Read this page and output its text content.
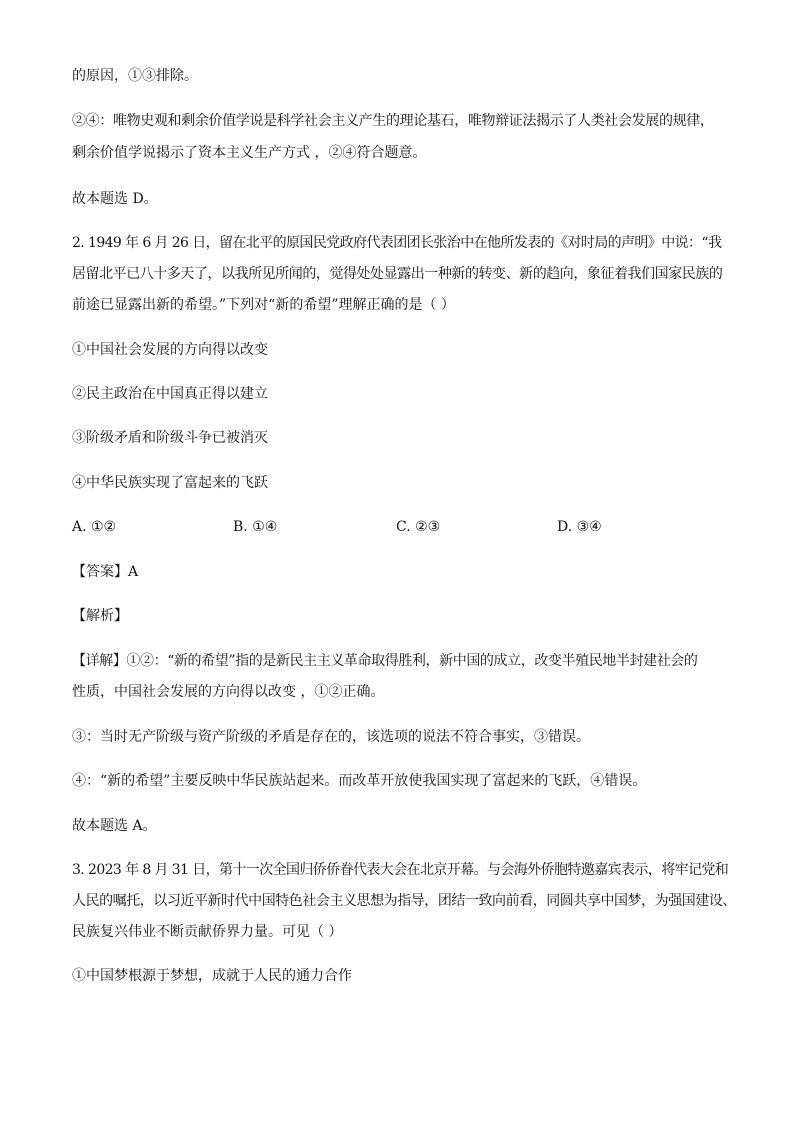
的原因，①③排除。
②④：唯物史观和剩余价值学说是科学社会主义产生的理论基石，唯物辩证法揭示了人类社会发展的规律，
剩余价值学说揭示了资本主义生产方式 ，②④符合题意。
故本题选 D。
2. 1949 年 6 月 26 日，留在北平的原国民党政府代表团团长张治中在他所发表的《对时局的声明》中说：“我
居留北平已八十多天了，以我所见所闻的，觉得处处显露出一种新的转变、新的趋向，象征着我们国家民族的
前途已显露出新的希望。”下列对“新的希望”理解正确的是（ ）
①中国社会发展的方向得以改变
②民主政治在中国真正得以建立
③阶级矛盾和阶级斗争已被消灭
④中华民族实现了富起来的飞跃
A. ①②	B. ①④	C. ②③	D. ③④
【答案】A
【解析】
【详解】①②：“新的希望”指的是新民主主义革命取得胜利，新中国的成立，改变半殖民地半封建社会的
性质，中国社会发展的方向得以改变 ，①②正确。
③：当时无产阶级与资产阶级的矛盾是存在的，该选项的说法不符合事实，③错误。
④：“新的希望”主要反映中华民族站起来。而改革开放使我国实现了富起来的飞跃，④错误。
故本题选 A。
3. 2023 年 8 月 31 日，第十一次全国归侨侨眷代表大会在北京开幕。与会海外侨胞特邀嘉宾表示，将牢记党和
人民的嘱托，以习近平新时代中国特色社会主义思想为指导，团结一致向前看，同圆共享中国梦，为强国建设、
民族复兴伟业不断贡献侨界力量。可见（ ）
①中国梦根源于梦想，成就于人民的通力合作
